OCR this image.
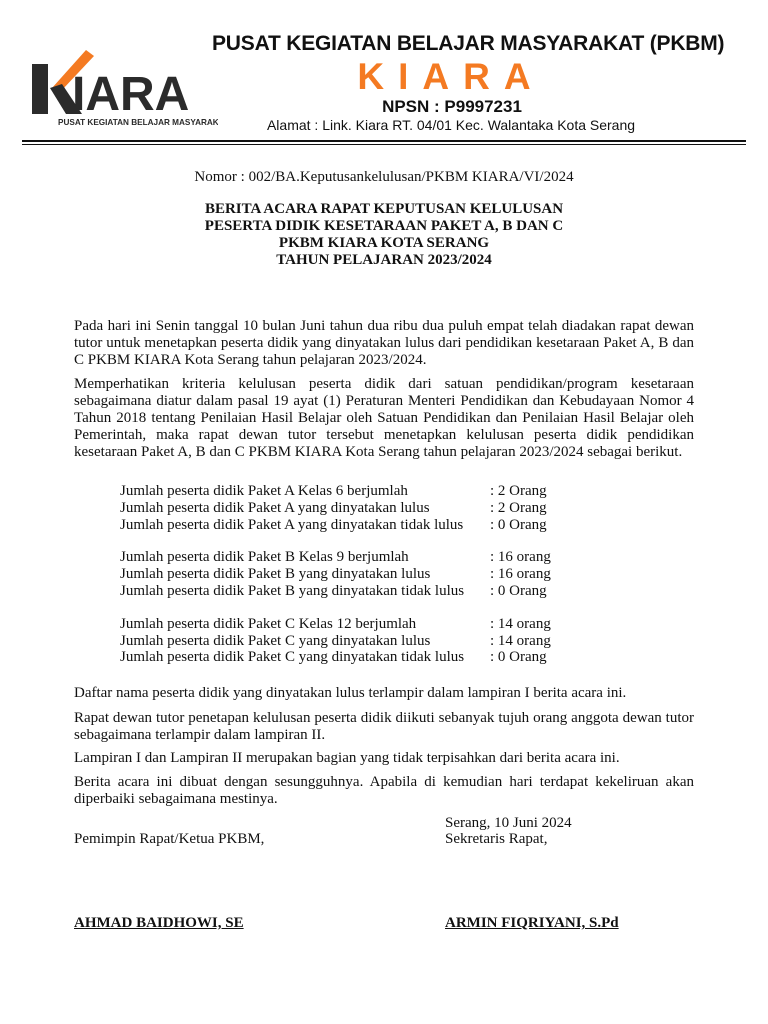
IARA
PUSAT KEGIATAN BELAJAR MASYARAKAT
PUSAT KEGIATAN BELAJAR MASYARAKAT (PKBM)
KIARA
NPSN : P9997231
Alamat : Link. Kiara RT. 04/01 Kec. Walantaka Kota Serang
Nomor : 002/BA.Keputusankelulusan/PKBM KIARA/VI/2024
BERITA ACARA RAPAT KEPUTUSAN KELULUSAN
PESERTA DIDIK KESETARAAN PAKET A, B DAN C
PKBM KIARA KOTA SERANG
TAHUN PELAJARAN 2023/2024
Pada hari ini Senin tanggal 10 bulan Juni tahun dua ribu dua puluh empat telah diadakan rapat dewan tutor untuk menetapkan peserta didik yang dinyatakan lulus dari pendidikan kesetaraan Paket A, B dan C PKBM KIARA Kota Serang tahun pelajaran 2023/2024.
Memperhatikan kriteria kelulusan peserta didik dari satuan pendidikan/program kesetaraan sebagaimana diatur dalam pasal 19 ayat (1) Peraturan Menteri Pendidikan dan Kebudayaan Nomor 4 Tahun 2018 tentang Penilaian Hasil Belajar oleh Satuan Pendidikan dan Penilaian Hasil Belajar oleh Pemerintah, maka rapat dewan tutor tersebut menetapkan kelulusan peserta didik pendidikan kesetaraan Paket A, B dan C PKBM KIARA Kota Serang tahun pelajaran 2023/2024 sebagai berikut.
Jumlah peserta didik Paket A Kelas 6 berjumlah	: 2 Orang
Jumlah peserta didik Paket A yang dinyatakan lulus	: 2 Orang
Jumlah peserta didik Paket A yang dinyatakan tidak lulus	: 0 Orang
Jumlah peserta didik Paket B Kelas 9 berjumlah	: 16 orang
Jumlah peserta didik Paket B yang dinyatakan lulus	: 16 orang
Jumlah peserta didik Paket B yang dinyatakan tidak lulus	: 0 Orang
Jumlah peserta didik Paket C Kelas 12 berjumlah	: 14 orang
Jumlah peserta didik Paket C yang dinyatakan lulus	: 14 orang
Jumlah peserta didik Paket C yang dinyatakan tidak lulus	: 0 Orang
Daftar nama peserta didik yang dinyatakan lulus terlampir dalam lampiran I berita acara ini.
Rapat dewan tutor penetapan kelulusan peserta didik diikuti sebanyak tujuh orang anggota dewan tutor sebagaimana terlampir dalam lampiran II.
Lampiran I dan Lampiran II merupakan bagian yang tidak terpisahkan dari berita acara ini.
Berita acara ini dibuat dengan sesungguhnya. Apabila di kemudian hari terdapat kekeliruan akan diperbaiki sebagaimana mestinya.
Serang, 10 Juni 2024
Pemimpin Rapat/Ketua PKBM,	Sekretaris Rapat,
AHMAD BAIDHOWI, SE	ARMIN FIQRIYANI, S.Pd
